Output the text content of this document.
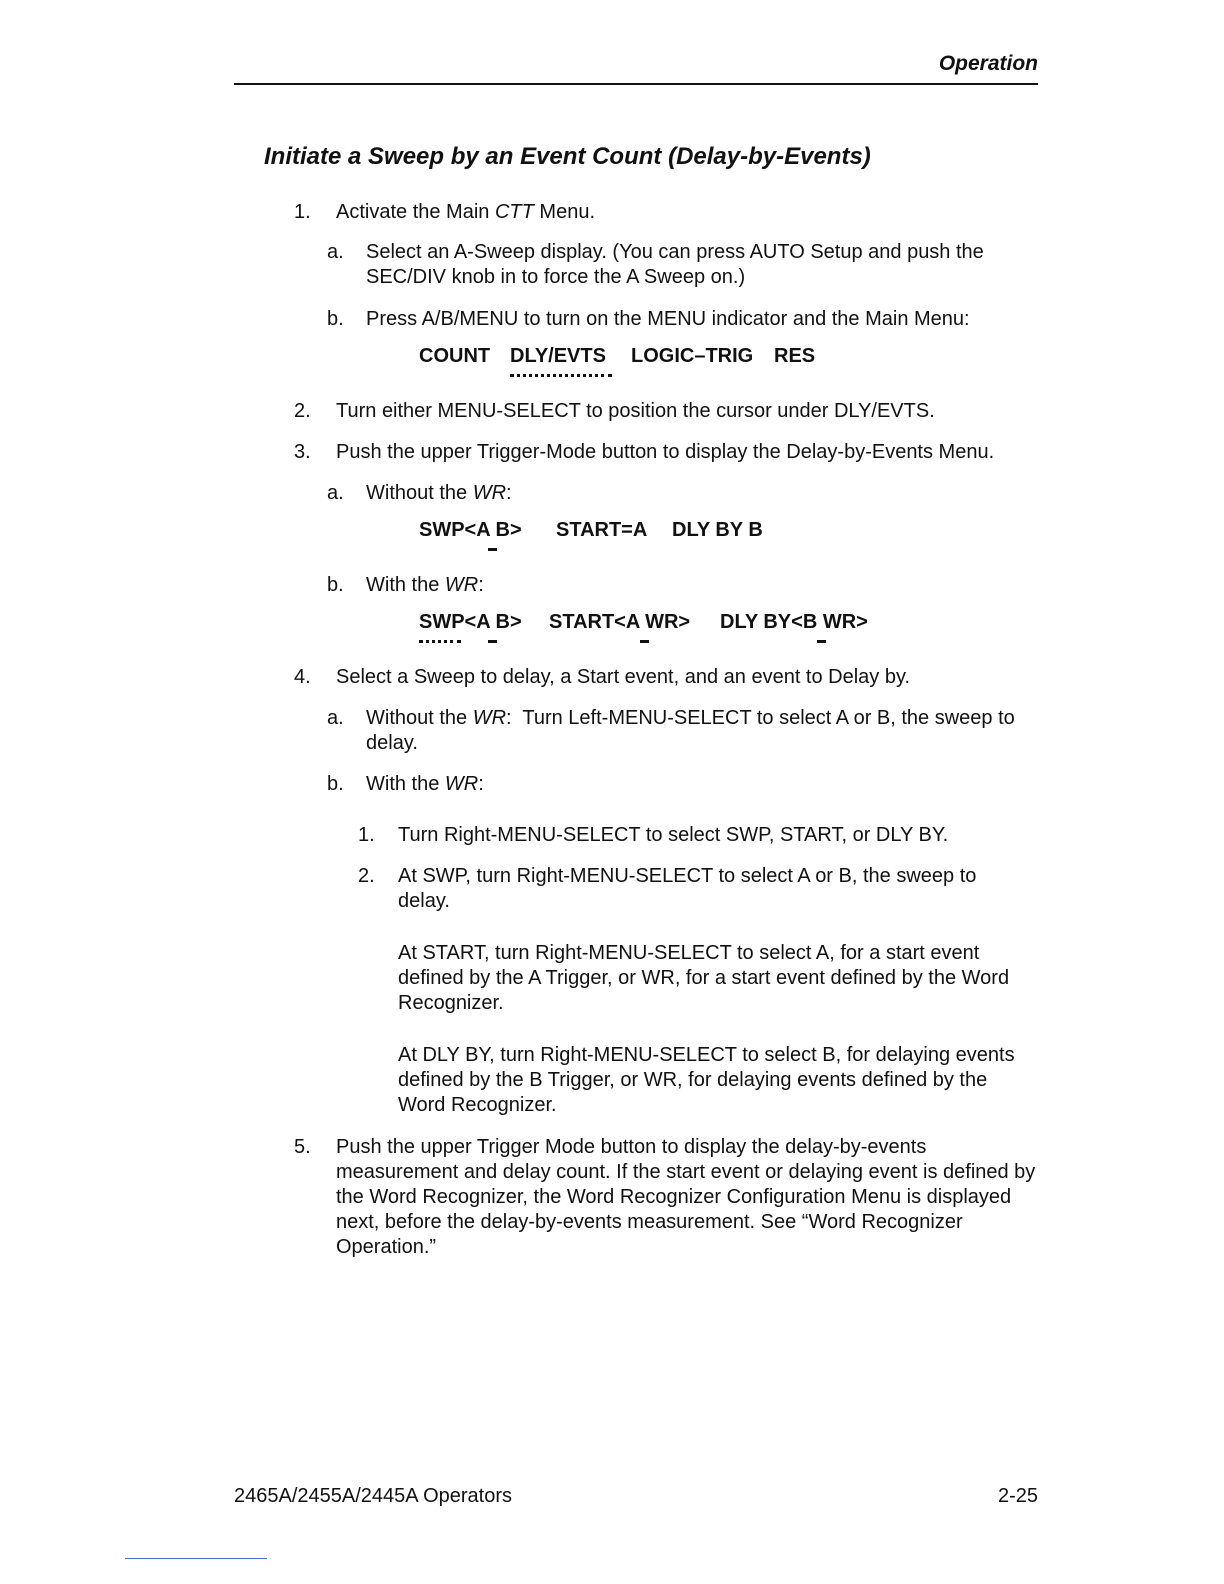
Operation
Initiate a Sweep by an Event Count (Delay-by-Events)
1. Activate the Main CTT Menu.
a. Select an A-Sweep display. (You can press AUTO Setup and push the SEC/DIV knob in to force the A Sweep on.)
b. Press A/B/MENU to turn on the MENU indicator and the Main Menu:
COUNT DLY/EVTS LOGIC–TRIG RES
2. Turn either MENU-SELECT to position the cursor under DLY/EVTS.
3. Push the upper Trigger-Mode button to display the Delay-by-Events Menu.
a. Without the WR:
SWP<A B> START=A DLY BY B
b. With the WR:
SWP<A B> START<A WR> DLY BY<B WR>
4. Select a Sweep to delay, a Start event, and an event to Delay by.
a. Without the WR:  Turn Left-MENU-SELECT to select A or B, the sweep to delay.
b. With the WR:
1. Turn Right-MENU-SELECT to select SWP, START, or DLY BY.
2. At SWP, turn Right-MENU-SELECT to select A or B, the sweep to delay.
At START, turn Right-MENU-SELECT to select A, for a start event defined by the A Trigger, or WR, for a start event defined by the Word Recognizer.
At DLY BY, turn Right-MENU-SELECT to select B, for delaying events defined by the B Trigger, or WR, for delaying events defined by the Word Recognizer.
5. Push the upper Trigger Mode button to display the delay-by-events measurement and delay count. If the start event or delaying event is defined by the Word Recognizer, the Word Recognizer Configuration Menu is displayed next, before the delay-by-events measurement. See “Word Recognizer Operation.”
2465A/2455A/2445A Operators	2-25
